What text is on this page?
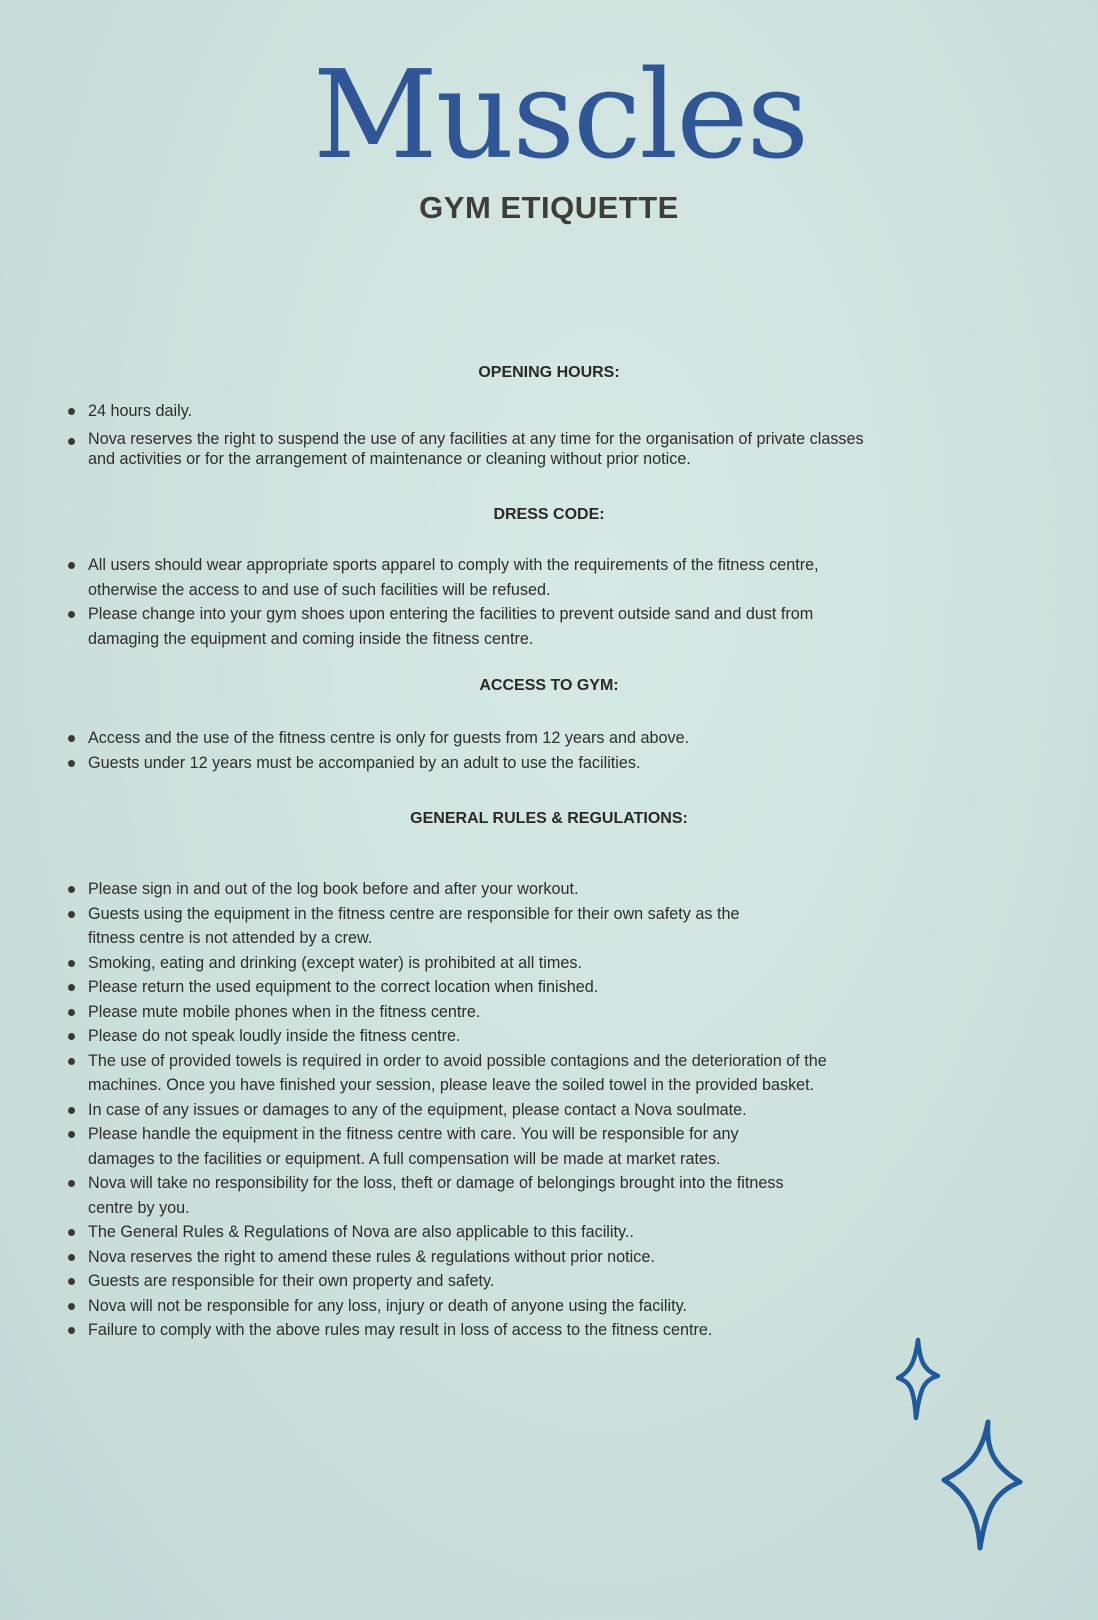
Muscles
GYM ETIQUETTE
OPENING HOURS:
24 hours daily.
Nova reserves the right to suspend the use of any facilities at any time for the organisation of private classes and activities or for the arrangement of maintenance or cleaning without prior notice.
DRESS CODE:
All users should wear appropriate sports apparel to comply with the requirements of the fitness centre, otherwise the access to and use of such facilities will be refused.
Please change into your gym shoes upon entering the facilities to prevent outside sand and dust from damaging the equipment and coming inside the fitness centre.
ACCESS TO GYM:
Access and the use of the fitness centre is only for guests from 12 years and above.
Guests under 12 years must be accompanied by an adult to use the facilities.
GENERAL RULES & REGULATIONS:
Please sign in and out of the log book before and after your workout.
Guests using the equipment in the fitness centre are responsible for their own safety as the fitness centre is not attended by a crew.
Smoking, eating and drinking (except water) is prohibited at all times.
Please return the used equipment to the correct location when finished.
Please mute mobile phones when in the fitness centre.
Please do not speak loudly inside the fitness centre.
The use of provided towels is required in order to avoid possible contagions and the deterioration of the machines. Once you have finished your session, please leave the soiled towel in the provided basket.
In case of any issues or damages to any of the equipment, please contact a Nova soulmate.
Please handle the equipment in the fitness centre with care. You will be responsible for any damages to the facilities or equipment. A full compensation will be made at market rates.
Nova will take no responsibility for the loss, theft or damage of belongings brought into the fitness centre by you.
The General Rules & Regulations of Nova are also applicable to this facility..
Nova reserves the right to amend these rules & regulations without prior notice.
Guests are responsible for their own property and safety.
Nova will not be responsible for any loss, injury or death of anyone using the facility.
Failure to comply with the above rules may result in loss of access to the fitness centre.
